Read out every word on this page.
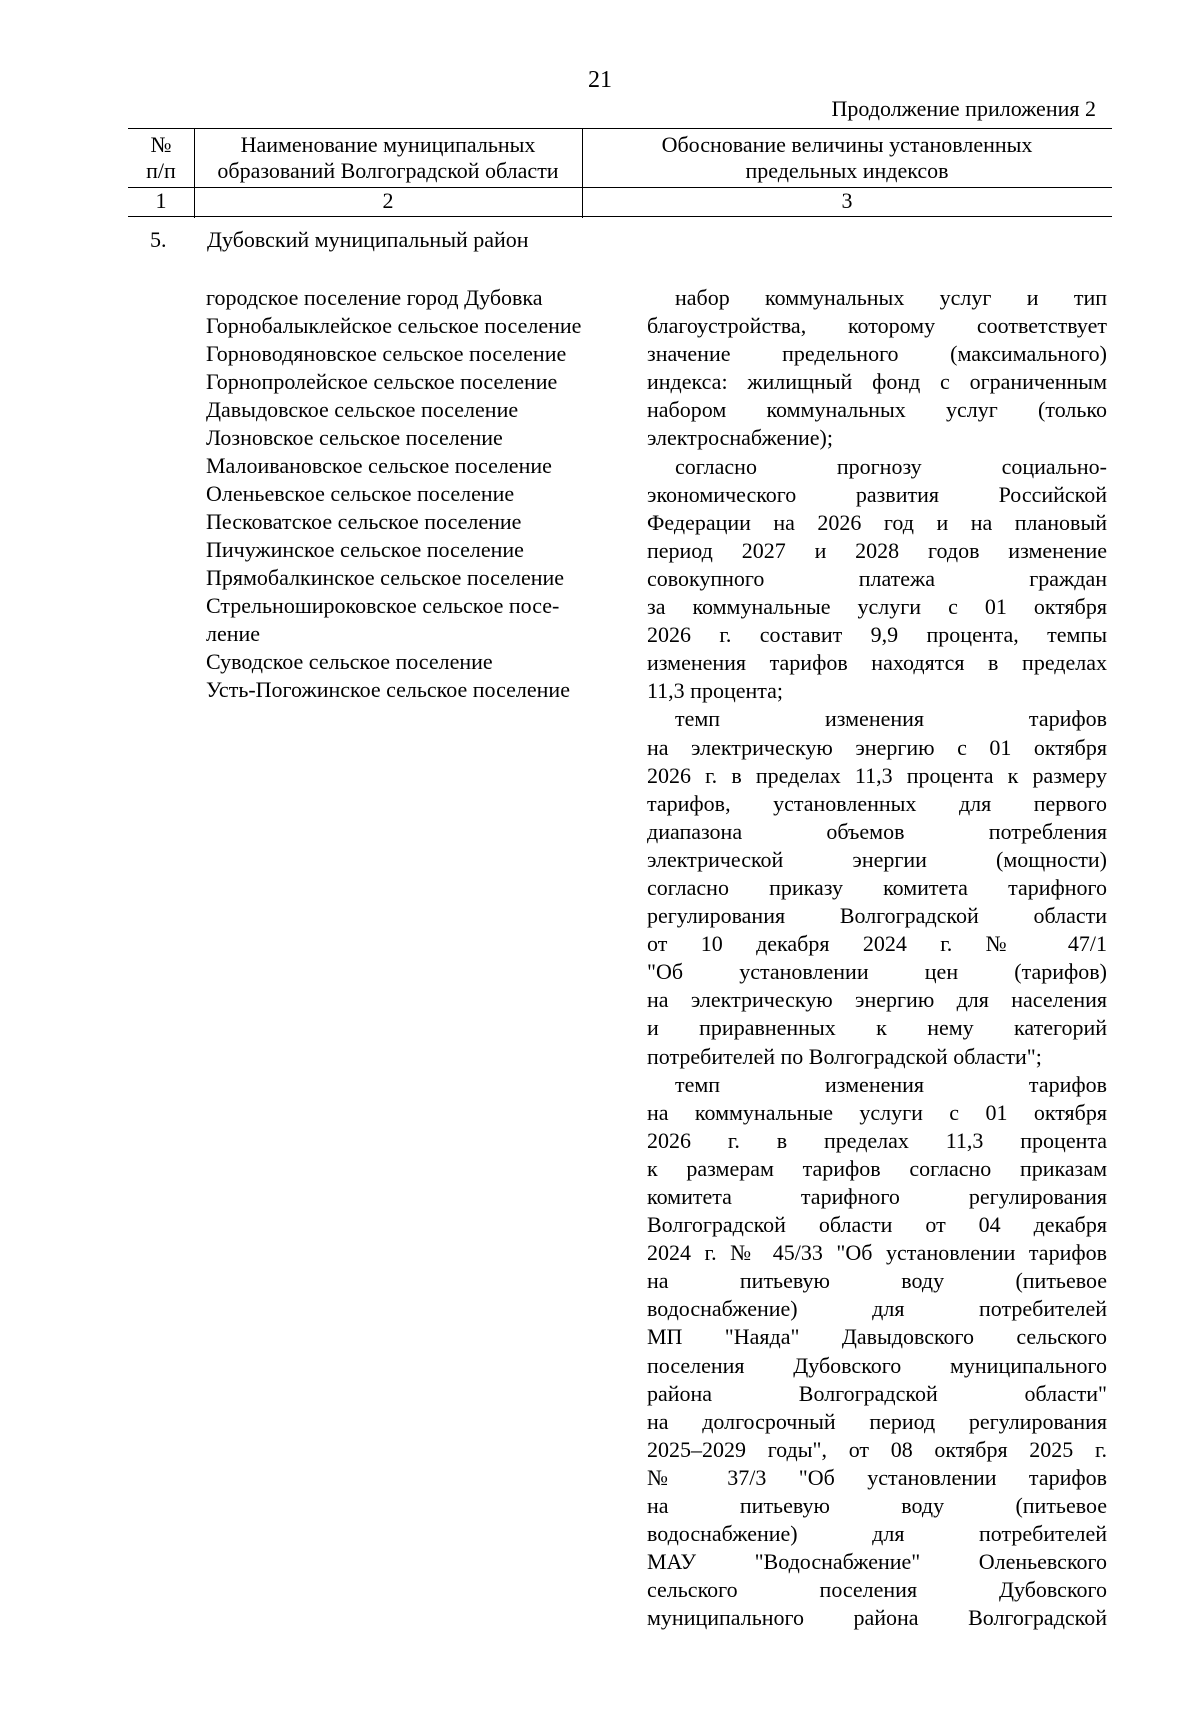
21
Продолжение приложения 2
№
п/п
Наименование муниципальных
образований Волгоградской области
Обоснование величины установленных
предельных индексов
1	2	3
5. Дубовский муниципальный район
городское поселение город Дубовка
Горнобалыклейское сельское поселение
Горноводяновское сельское поселение
Горнопролейское сельское поселение
Давыдовское сельское поселение
Лозновское сельское поселение
Малоивановское сельское поселение
Оленьевское сельское поселение
Песковатское сельское поселение
Пичужинское сельское поселение
Прямобалкинское сельское поселение
Стрельноширoковское сельское посе-
ление
Суводское сельское поселение
Усть-Погожинское сельское поселение
набор коммунальных услуг и тип
благоустройства, которому соответствует
значение предельного (максимального)
индекса: жилищный фонд с ограниченным
набором коммунальных услуг (только
электроснабжение);
согласно прогнозу социально-
экономического развития Российской
Федерации на 2026 год и на плановый
период 2027 и 2028 годов изменение
совокупного платежа граждан
за коммунальные услуги с 01 октября
2026 г. составит 9,9 процента, темпы
изменения тарифов находятся в пределах
11,3 процента;
темп изменения тарифов
на электрическую энергию с 01 октября
2026 г. в пределах 11,3 процента к размеру
тарифов, установленных для первого
диапазона объемов потребления
электрической энергии (мощности)
согласно приказу комитета тарифного
регулирования Волгоградской области
от 10 декабря 2024 г. № 47/1
"Об установлении цен (тарифов)
на электрическую энергию для населения
и приравненных к нему категорий
потребителей по Волгоградской области";
темп изменения тарифов
на коммунальные услуги с 01 октября
2026 г. в пределах 11,3 процента
к размерам тарифов согласно приказам
комитета тарифного регулирования
Волгоградской области от 04 декабря
2024 г. № 45/33 "Об установлении тарифов
на питьевую воду (питьевое
водоснабжение) для потребителей
МП "Наяда" Давыдовского сельского
поселения Дубовского муниципального
района Волгоградской области"
на долгосрочный период регулирования
2025–2029 годы", от 08 октября 2025 г.
№ 37/3 "Об установлении тарифов
на питьевую воду (питьевое
водоснабжение) для потребителей
МАУ "Водоснабжение" Оленьевского
сельского поселения Дубовского
муниципального района Волгоградской
